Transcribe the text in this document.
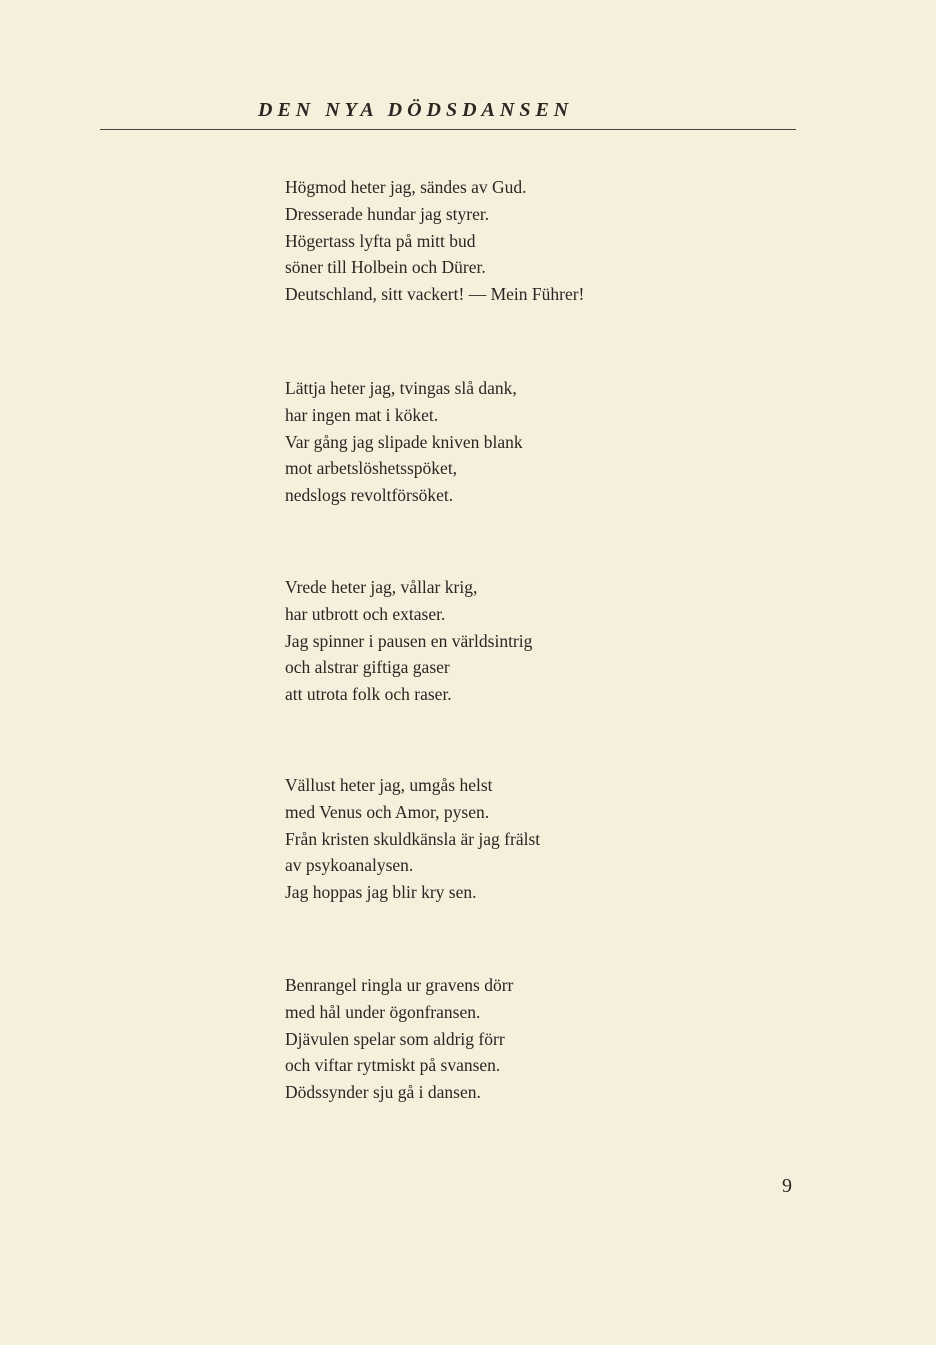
DEN NYA DÖDSDANSEN
Högmod heter jag, sändes av Gud.
Dresserade hundar jag styrer.
Högertass lyfta på mitt bud
söner till Holbein och Dürer.
Deutschland, sitt vackert! — Mein Führer!
Lättja heter jag, tvingas slå dank,
har ingen mat i köket.
Var gång jag slipade kniven blank
mot arbetslöshetsspöket,
nedslogs revoltförsöket.
Vrede heter jag, vållar krig,
har utbrott och extaser.
Jag spinner i pausen en världsintrig
och alstrar giftiga gaser
att utrota folk och raser.
Vällust heter jag, umgås helst
med Venus och Amor, pysen.
Från kristen skuldkänsla är jag frälst
av psykoanalysen.
Jag hoppas jag blir kry sen.
Benrangel ringla ur gravens dörr
med hål under ögonfransen.
Djävulen spelar som aldrig förr
och viftar rytmiskt på svansen.
Dödssynder sju gå i dansen.
9
